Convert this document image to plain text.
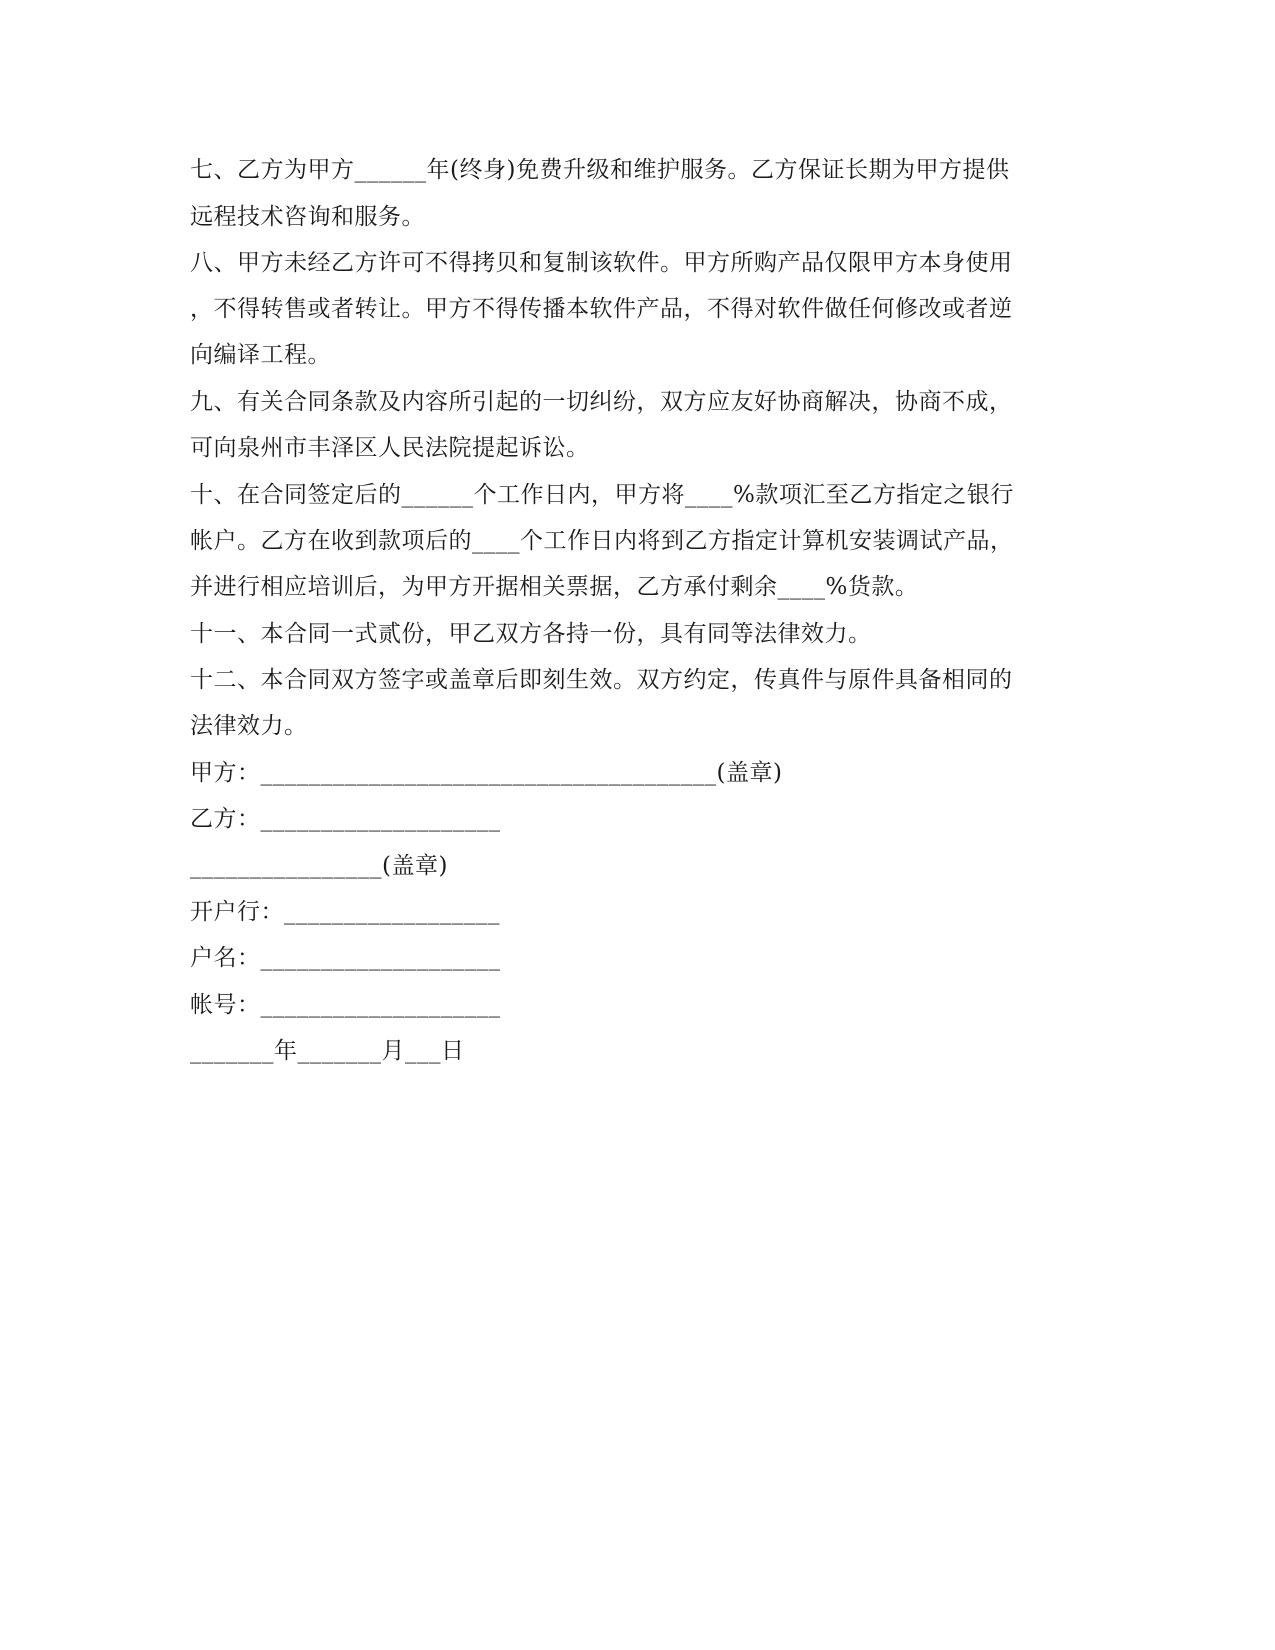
七、乙方为甲方______年(终身)免费升级和维护服务。乙方保证长期为甲方提供
远程技术咨询和服务。
八、甲方未经乙方许可不得拷贝和复制该软件。甲方所购产品仅限甲方本身使用
，不得转售或者转让。甲方不得传播本软件产品，不得对软件做任何修改或者逆
向编译工程。
九、有关合同条款及内容所引起的一切纠纷，双方应友好协商解决，协商不成，
可向泉州市丰泽区人民法院提起诉讼。
十、在合同签定后的______个工作日内，甲方将____%款项汇至乙方指定之银行
帐户。乙方在收到款项后的____个工作日内将到乙方指定计算机安装调试产品，
并进行相应培训后，为甲方开据相关票据，乙方承付剩余____%货款。
十一、本合同一式贰份，甲乙双方各持一份，具有同等法律效力。
十二、本合同双方签字或盖章后即刻生效。双方约定，传真件与原件具备相同的
法律效力。
甲方：______________________________________(盖章)
乙方：____________________
________________(盖章)
开户行：__________________
户名：____________________
帐号：____________________
_______年_______月___日
